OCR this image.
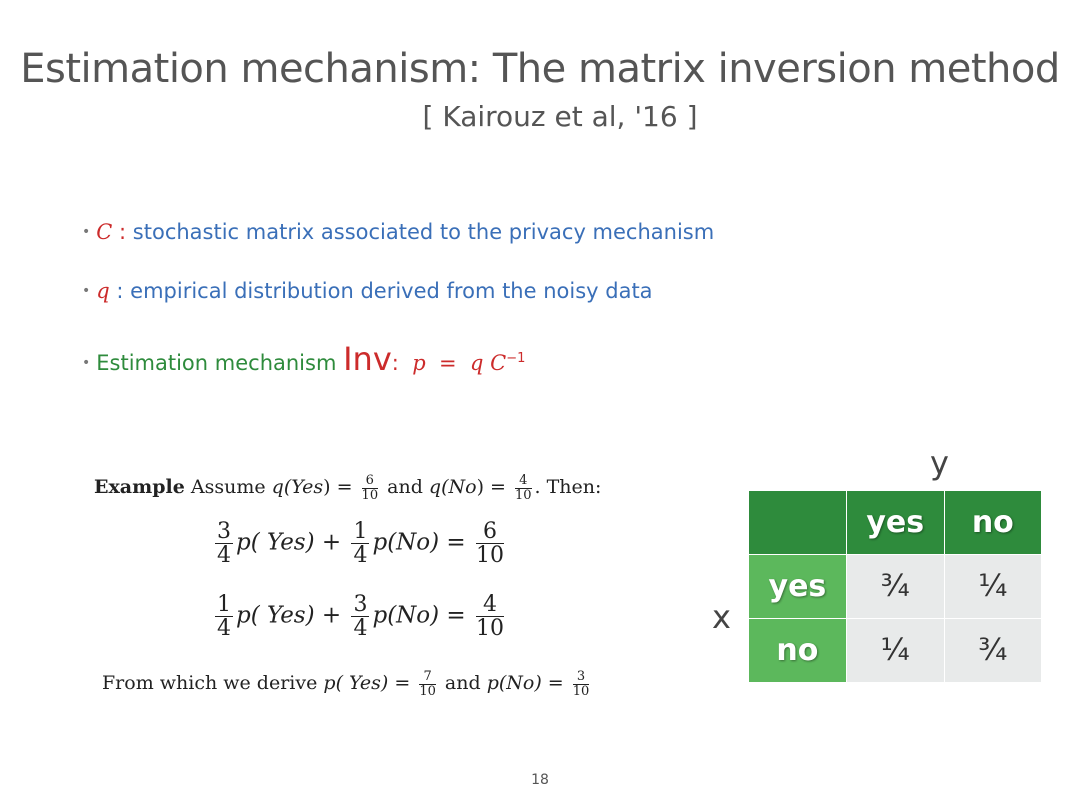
Estimation mechanism: The matrix inversion method
[ Kairouz et al, '16 ]
• C : stochastic matrix associated to the privacy mechanism
• q : empirical distribution derived from the noisy data
• Estimation mechanism Inv: p = q $C^{-1}$
Example Assume $q(Yes) = \frac{6}{10}$ and $q(No) = \frac{4}{10}$ . Then:
$\frac{3}{4} p$( $Yes) + \frac{1}{4} p(No) = \frac{6}{10}$
$\frac{1}{4} p$( $Yes) + \frac{3}{4} p(No) = \frac{4}{10}$
From which we derive p( $Yes) = \frac{7}{10}$ and $p(No) = \frac{3}{10}$
y
x
	yes	no
yes	¾	¼
no	¼	¾
18
